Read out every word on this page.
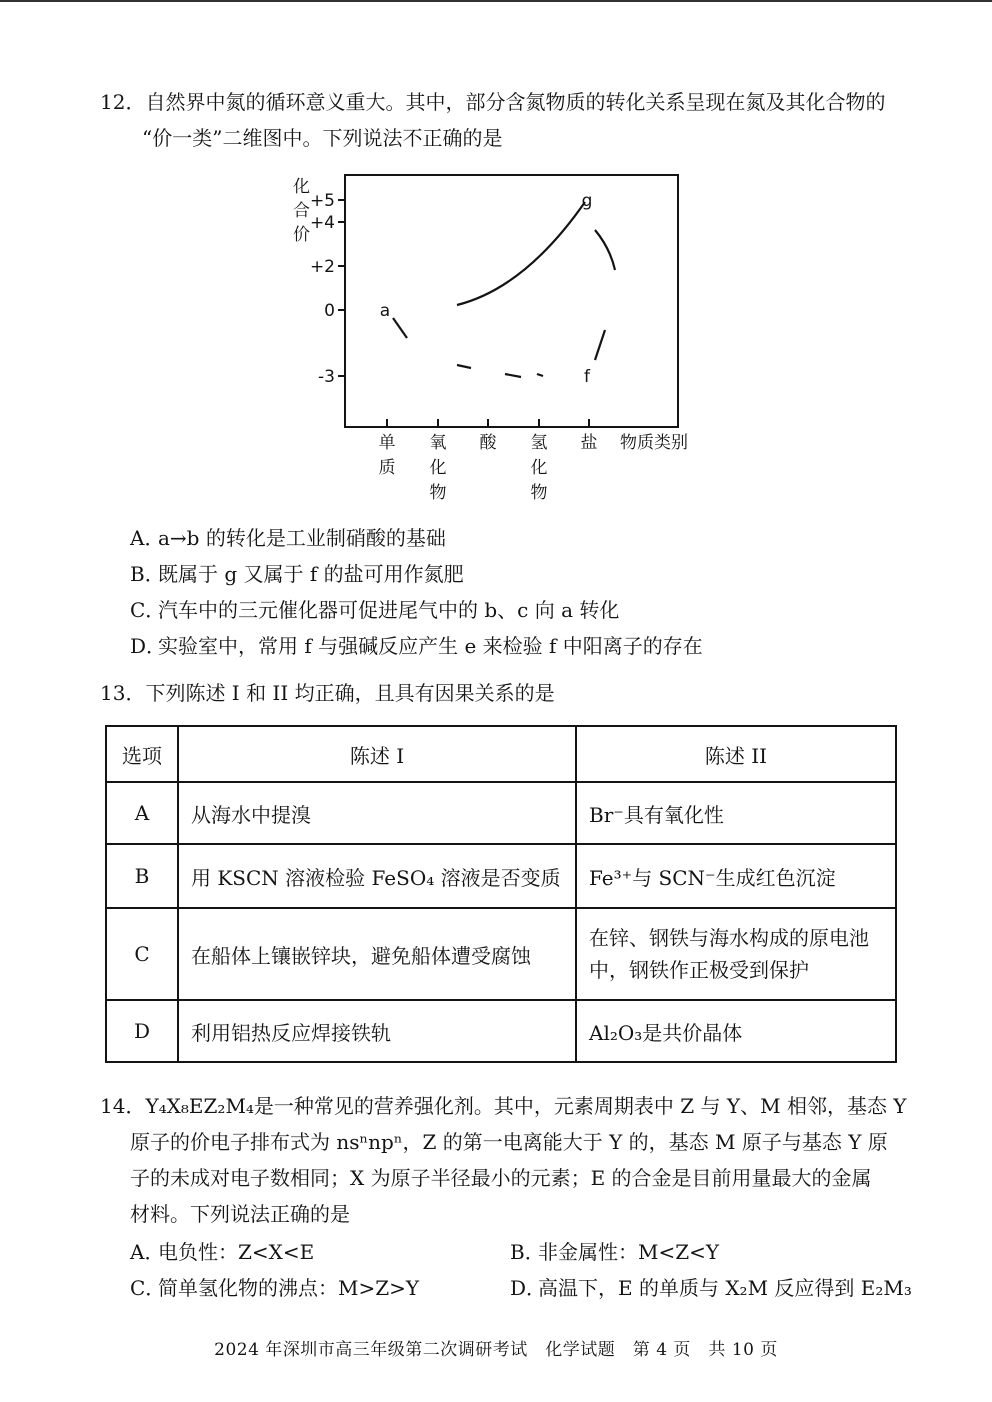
12．自然界中氮的循环意义重大。其中，部分含氮物质的转化关系呈现在氮及其化合物的
“价一类”二维图中。下列说法不正确的是
化
合
价
+5
+4
+2
0
-3
单
质
氧
化
物
酸 氢
化
物
盐 物质类别
a
f
g
A．a→b 的转化是工业制硝酸的基础
B．既属于 g 又属于 f 的盐可用作氮肥
C．汽车中的三元催化器可促进尾气中的 b、c 向 a 转化
D．实验室中，常用 f 与强碱反应产生 e 来检验 f 中阳离子的存在
13．下列陈述 I 和 II 均正确，且具有因果关系的是
选项	陈述 I	陈述 II
A	从海水中提溴	Br⁻具有氧化性
B	用 KSCN 溶液检验 FeSO₄ 溶液是否变质	Fe³⁺与 SCN⁻生成红色沉淀
C	在船体上镶嵌锌块，避免船体遭受腐蚀	在锌、钢铁与海水构成的原电池中，钢铁作正极受到保护
D	利用铝热反应焊接铁轨	Al₂O₃是共价晶体
14．Y₄X₈EZ₂M₄是一种常见的营养强化剂。其中，元素周期表中 Z 与 Y、M 相邻，基态 Y
原子的价电子排布式为 nsⁿnpⁿ，Z 的第一电离能大于 Y 的，基态 M 原子与基态 Y 原
子的未成对电子数相同；X 为原子半径最小的元素；E 的合金是目前用量最大的金属
材料。下列说法正确的是
A．电负性：Z<X<E	B．非金属性：M<Z<Y
C．简单氢化物的沸点：M>Z>Y	D．高温下，E 的单质与 X₂M 反应得到 E₂M₃
2024 年深圳市高三年级第二次调研考试　化学试题　第 4 页　共 10 页
